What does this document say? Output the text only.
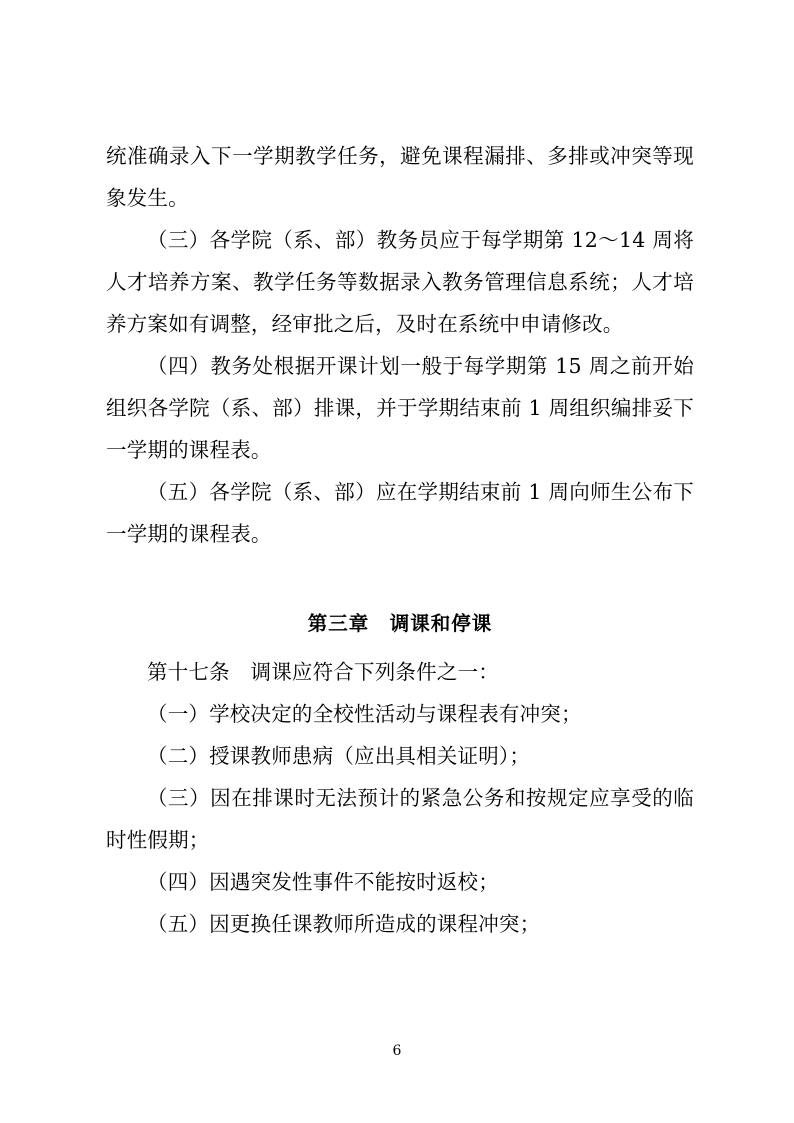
统准确录入下一学期教学任务，避免课程漏排、多排或冲突等现象发生。

（三）各学院（系、部）教务员应于每学期第 12～14 周将人才培养方案、教学任务等数据录入教务管理信息系统；人才培养方案如有调整，经审批之后，及时在系统中申请修改。

（四）教务处根据开课计划一般于每学期第 15 周之前开始组织各学院（系、部）排课，并于学期结束前 1 周组织编排妥下一学期的课程表。

（五）各学院（系、部）应在学期结束前 1 周向师生公布下一学期的课程表。

第三章　调课和停课

第十七条　调课应符合下列条件之一：

（一）学校决定的全校性活动与课程表有冲突；

（二）授课教师患病（应出具相关证明）；

（三）因在排课时无法预计的紧急公务和按规定应享受的临时性假期；

（四）因遇突发性事件不能按时返校；

（五）因更换任课教师所造成的课程冲突；

6
